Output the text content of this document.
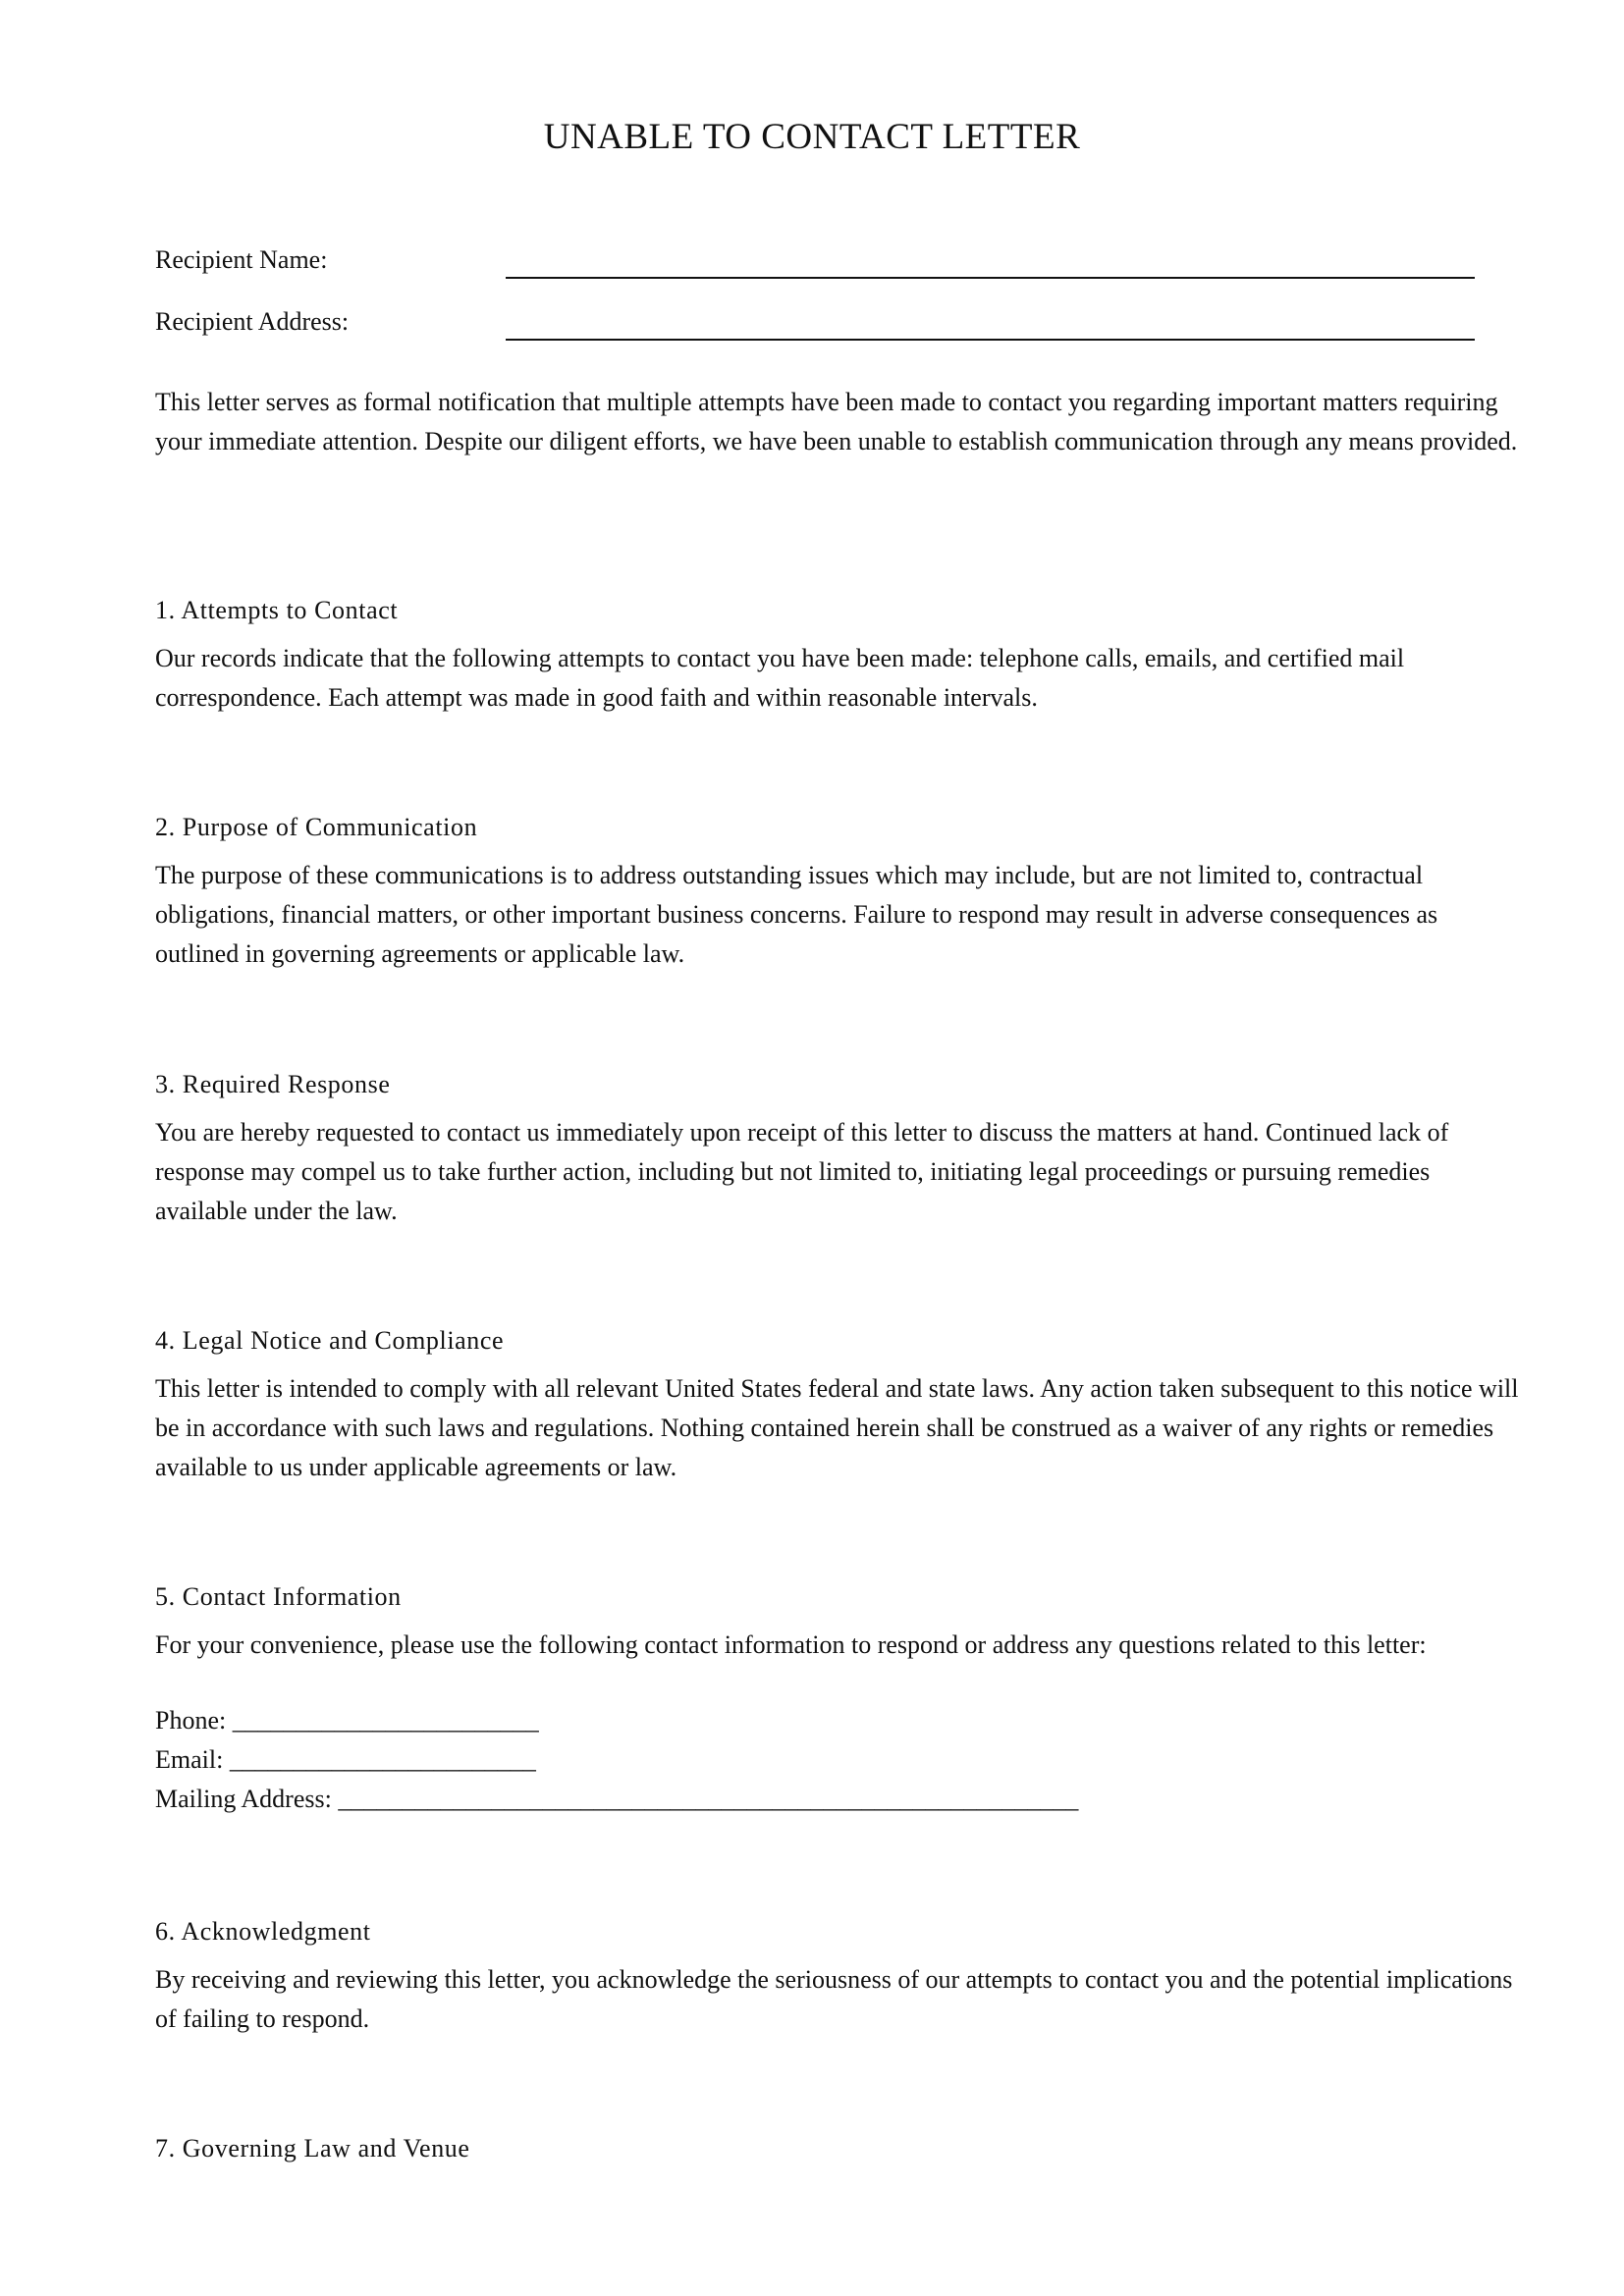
UNABLE TO CONTACT LETTER
Recipient Name:
Recipient Address:

This letter serves as formal notification that multiple attempts have been made to contact you regarding important matters requiring your immediate attention. Despite our diligent efforts, we have been unable to establish communication through any means provided.

1. Attempts to Contact

Our records indicate that the following attempts to contact you have been made: telephone calls, emails, and certified mail correspondence. Each attempt was made in good faith and within reasonable intervals.

2. Purpose of Communication

The purpose of these communications is to address outstanding issues which may include, but are not limited to, contractual obligations, financial matters, or other important business concerns. Failure to respond may result in adverse consequences as outlined in governing agreements or applicable law.

3. Required Response

You are hereby requested to contact us immediately upon receipt of this letter to discuss the matters at hand. Continued lack of response may compel us to take further action, including but not limited to, initiating legal proceedings or pursuing remedies available under the law.

4. Legal Notice and Compliance

This letter is intended to comply with all relevant United States federal and state laws. Any action taken subsequent to this notice will be in accordance with such laws and regulations. Nothing contained herein shall be construed as a waiver of any rights or remedies available to us under applicable agreements or law.

5. Contact Information

For your convenience, please use the following contact information to respond or address any questions related to this letter:

Phone: ________________________

Email: ________________________

Mailing Address: __________________________________________________________

6. Acknowledgment

By receiving and reviewing this letter, you acknowledge the seriousness of our attempts to contact you and the potential implications of failing to respond.

7. Governing Law and Venue
